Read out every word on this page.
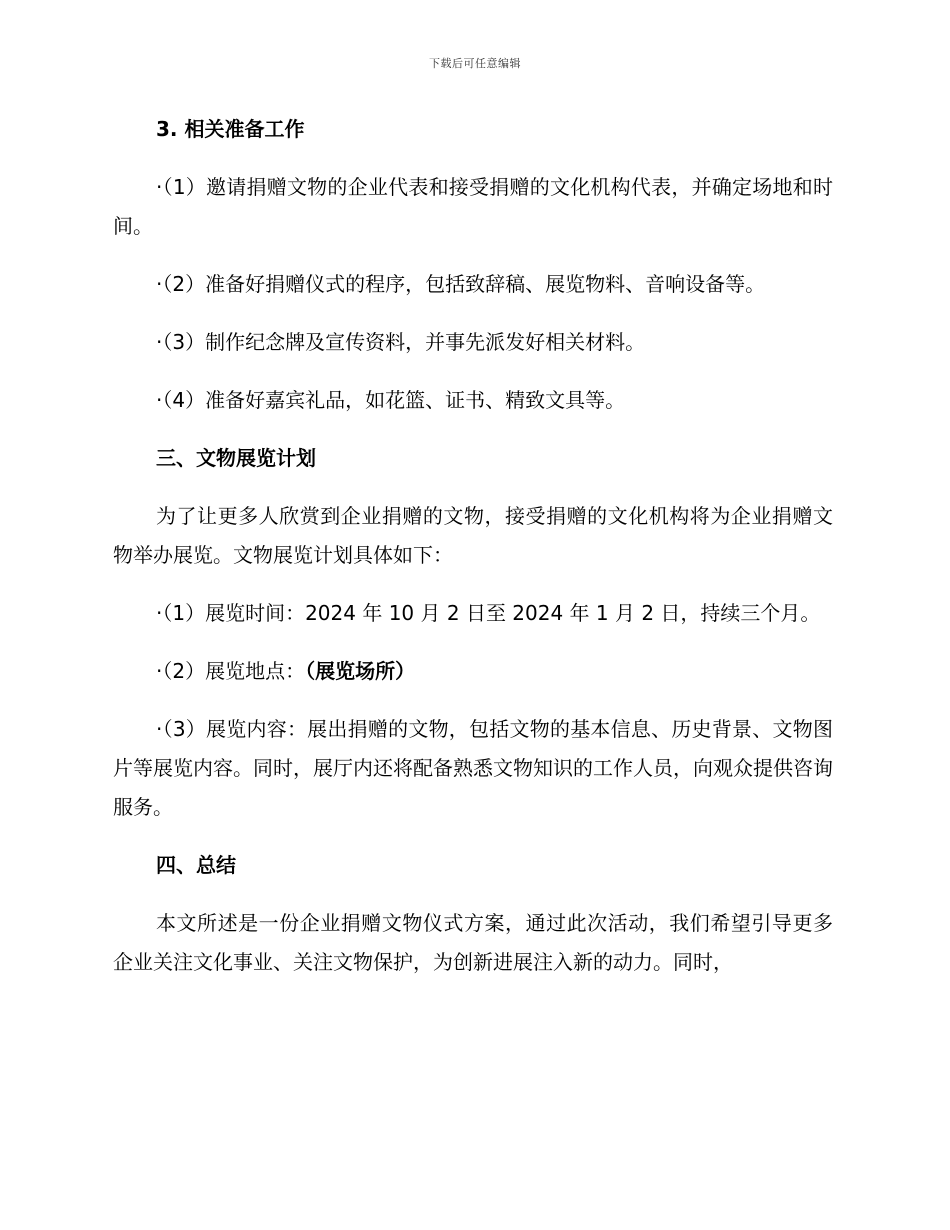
下载后可任意编辑

3. 相关准备工作

·（1）邀请捐赠文物的企业代表和接受捐赠的文化机构代表，并确定场地和时间。

·（2）准备好捐赠仪式的程序，包括致辞稿、展览物料、音响设备等。

·（3）制作纪念牌及宣传资料，并事先派发好相关材料。

·（4）准备好嘉宾礼品，如花篮、证书、精致文具等。

三、文物展览计划

为了让更多人欣赏到企业捐赠的文物，接受捐赠的文化机构将为企业捐赠文物举办展览。文物展览计划具体如下：

·（1）展览时间：2024 年 10 月 2 日至 2024 年 1 月 2 日，持续三个月。

·（2）展览地点：（展览场所）

·（3）展览内容：展出捐赠的文物，包括文物的基本信息、历史背景、文物图片等展览内容。同时，展厅内还将配备熟悉文物知识的工作人员，向观众提供咨询服务。

四、总结

本文所述是一份企业捐赠文物仪式方案，通过此次活动，我们希望引导更多企业关注文化事业、关注文物保护，为创新进展注入新的动力。同时，
